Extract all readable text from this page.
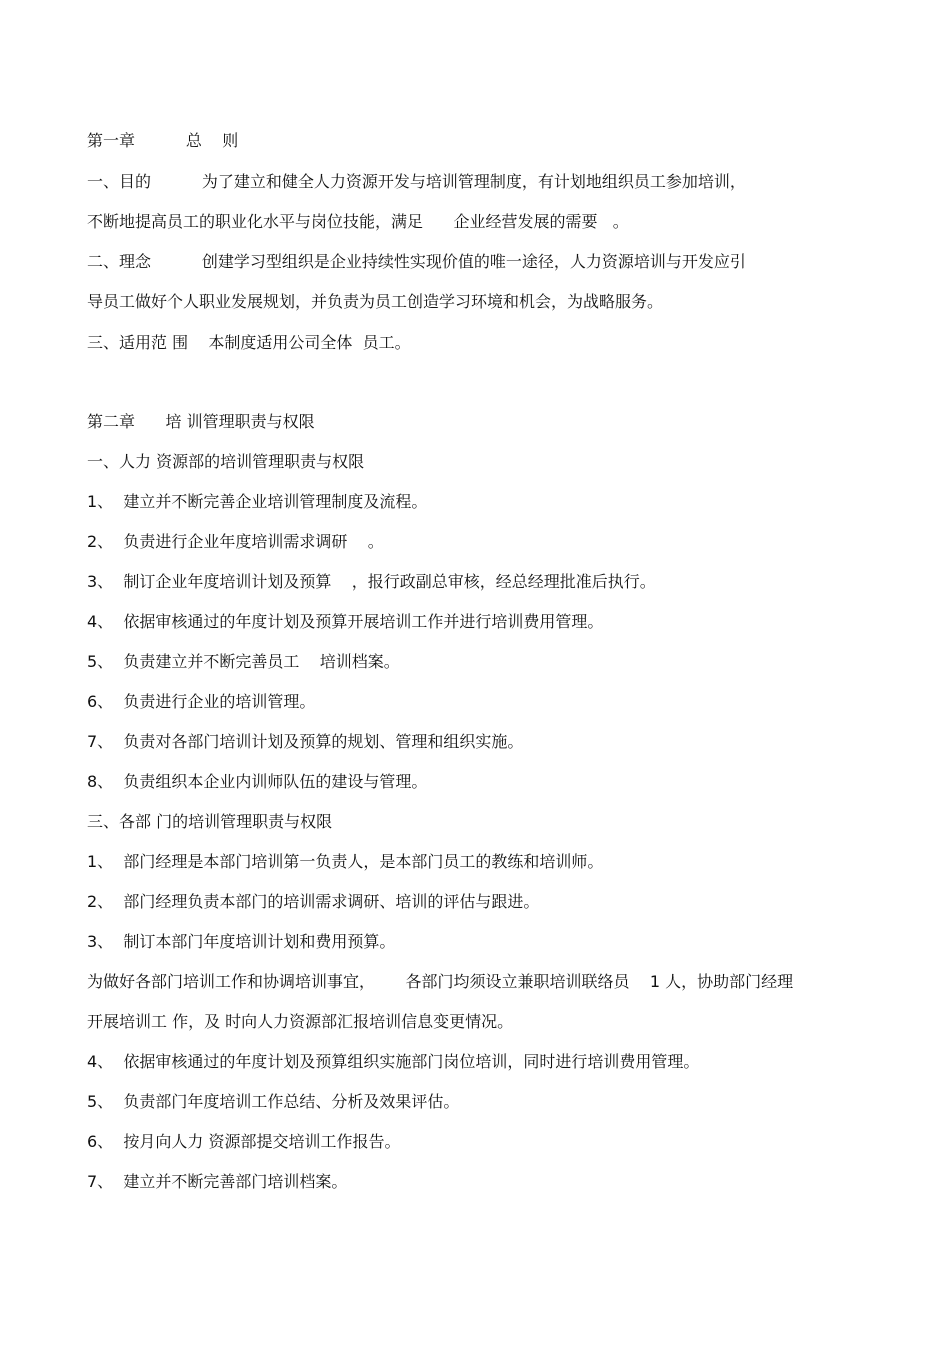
第一章          总    则

一、目的          为了建立和健全人力资源开发与培训管理制度，有计划地组织员工参加培训，

不断地提高员工的职业化水平与岗位技能，满足      企业经营发展的需要   。

二、理念          创建学习型组织是企业持续性实现价值的唯一途径，人力资源培训与开发应引

导员工做好个人职业发展规划，并负责为员工创造学习环境和机会，为战略服务。

三、适用范 围    本制度适用公司全体  员工。

第二章      培 训管理职责与权限

一、人力 资源部的培训管理职责与权限

1、  建立并不断完善企业培训管理制度及流程。

2、  负责进行企业年度培训需求调研    。

3、  制订企业年度培训计划及预算    ，报行政副总审核，经总经理批准后执行。

4、  依据审核通过的年度计划及预算开展培训工作并进行培训费用管理。

5、  负责建立并不断完善员工    培训档案。

6、  负责进行企业的培训管理。

7、  负责对各部门培训计划及预算的规划、管理和组织实施。

8、  负责组织本企业内训师队伍的建设与管理。

三、各部 门的培训管理职责与权限

1、  部门经理是本部门培训第一负责人，是本部门员工的教练和培训师。

2、  部门经理负责本部门的培训需求调研、培训的评估与跟进。

3、  制订本部门年度培训计划和费用预算。

为做好各部门培训工作和协调培训事宜，      各部门均须设立兼职培训联络员    1 人，协助部门经理

开展培训工 作，及 时向人力资源部汇报培训信息变更情况。

4、  依据审核通过的年度计划及预算组织实施部门岗位培训，同时进行培训费用管理。

5、  负责部门年度培训工作总结、分析及效果评估。

6、  按月向人力 资源部提交培训工作报告。

7、  建立并不断完善部门培训档案。
